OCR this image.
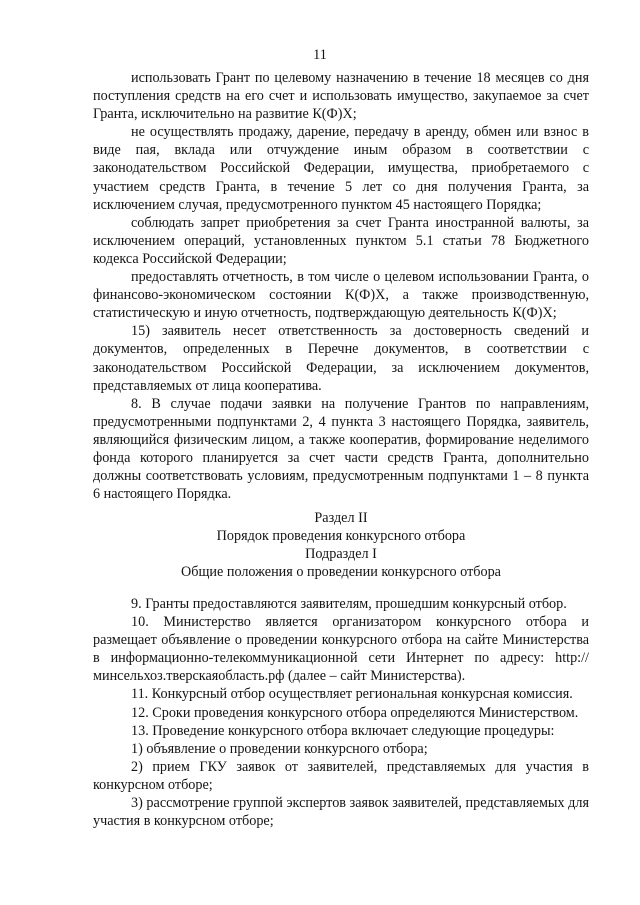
11

использовать Грант по целевому назначению в течение 18 месяцев со дня поступления средств на его счет и использовать имущество, закупаемое за счет Гранта, исключительно на развитие К(Ф)Х;

не осуществлять продажу, дарение, передачу в аренду, обмен или взнос в виде пая, вклада или отчуждение иным образом в соответствии с законодательством Российской Федерации, имущества, приобретаемого с участием средств Гранта, в течение 5 лет со дня получения Гранта, за исключением случая, предусмотренного пунктом 45 настоящего Порядка;

соблюдать запрет приобретения за счет Гранта иностранной валюты, за исключением операций, установленных пунктом 5.1 статьи 78 Бюджетного кодекса Российской Федерации;

предоставлять отчетность, в том числе о целевом использовании Гранта, о финансово-экономическом состоянии К(Ф)Х, а также производственную, статистическую и иную отчетность, подтверждающую деятельность К(Ф)Х;

15) заявитель несет ответственность за достоверность сведений и документов, определенных в Перечне документов, в соответствии с законодательством Российской Федерации, за исключением документов, представляемых от лица кооператива.

8. В случае подачи заявки на получение Грантов по направлениям, предусмотренными подпунктами 2, 4 пункта 3 настоящего Порядка, заявитель, являющийся физическим лицом, а также кооператив, формирование неделимого фонда которого планируется за счет части средств Гранта, дополнительно должны соответствовать условиям, предусмотренным подпунктами 1 – 8 пункта 6 настоящего Порядка.

Раздел II
Порядок проведения конкурсного отбора
Подраздел I
Общие положения о проведении конкурсного отбора

9. Гранты предоставляются заявителям, прошедшим конкурсный отбор.

10. Министерство является организатором конкурсного отбора и размещает объявление о проведении конкурсного отбора на сайте Министерства в информационно-телекоммуникационной сети Интернет по адресу: http://минсельхоз.тверскаяобласть.рф (далее – сайт Министерства).

11. Конкурсный отбор осуществляет региональная конкурсная комиссия.

12. Сроки проведения конкурсного отбора определяются Министерством.

13. Проведение конкурсного отбора включает следующие процедуры:

1) объявление о проведении конкурсного отбора;

2) прием ГКУ заявок от заявителей, представляемых для участия в конкурсном отборе;

3) рассмотрение группой экспертов заявок заявителей, представляемых для участия в конкурсном отборе;
